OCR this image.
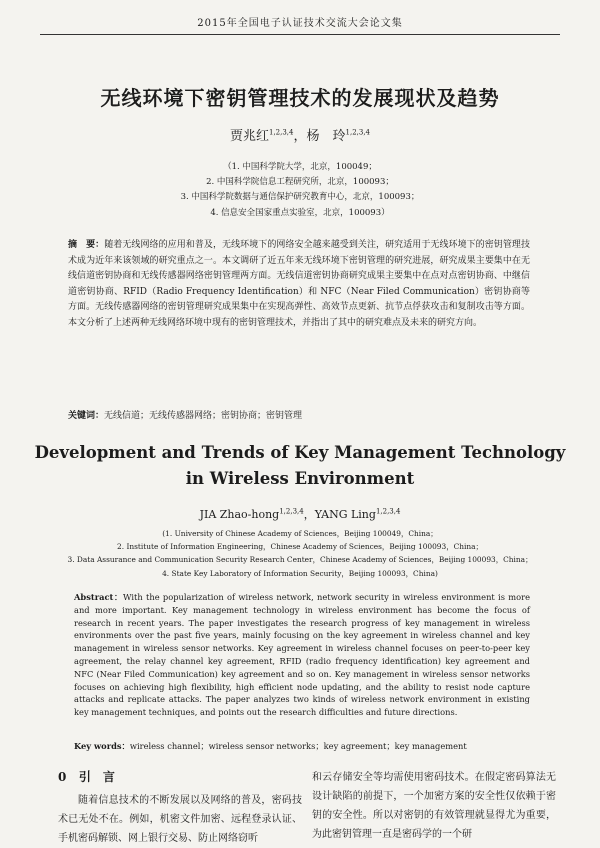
2015年全国电子认证技术交流大会论文集
无线环境下密钥管理技术的发展现状及趋势
贾兆红$^{1,2,3,4}$，杨　玲$^{1,2,3,4}$
（1. 中国科学院大学，北京，100049；
2. 中国科学院信息工程研究所，北京，100093；
3. 中国科学院数据与通信保护研究教育中心，北京，100093；
4. 信息安全国家重点实验室，北京，100093）
摘　要：随着无线网络的应用和普及，无线环境下的网络安全越来越受到关注，研究适用于无线环境下的密钥管理技术成为近年来该领域的研究重点之一。本文调研了近五年来无线环境下密钥管理的研究进展，研究成果主要集中在无线信道密钥协商和无线传感器网络密钥管理两方面。无线信道密钥协商研究成果主要集中在点对点密钥协商、中继信道密钥协商、RFID（Radio Frequency Identification）和 NFC（Near Filed Communication）密钥协商等方面。无线传感器网络的密钥管理研究成果集中在实现高弹性、高效节点更新、抗节点俘获攻击和复制攻击等方面。本文分析了上述两种无线网络环境中现有的密钥管理技术，并指出了其中的研究难点及未来的研究方向。
关键词：无线信道；无线传感器网络；密钥协商；密钥管理
Development and Trends of Key Management Technology
in Wireless Environment
JIA Zhao-hong$^{1,2,3,4}$，YANG Ling$^{1,2,3,4}$
(1. University of Chinese Academy of Sciences，Beijing 100049，China；
2. Institute of Information Engineering，Chinese Academy of Sciences，Beijing 100093，China；
3. Data Assurance and Communication Security Research Center，Chinese Academy of Sciences，Beijing 100093，China；
4. State Key Laboratory of Information Security，Beijing 100093，China)
Abstract：With the popularization of wireless network, network security in wireless environment is more and more important. Key management technology in wireless environment has become the focus of research in recent years. The paper investigates the research progress of key management in wireless environments over the past five years, mainly focusing on the key agreement in wireless channel and key management in wireless sensor networks. Key agreement in wireless channel focuses on peer-to-peer key agreement, the relay channel key agreement, RFID (radio frequency identification) key agreement and NFC (Near Filed Communication) key agreement and so on. Key management in wireless sensor networks focuses on achieving high flexibility, high efficient node updating, and the ability to resist node capture attacks and replicate attacks. The paper analyzes two kinds of wireless network environment in existing key management techniques, and points out the research difficulties and future directions.
Key words：wireless channel；wireless sensor networks；key agreement；key management
0 引　言
随着信息技术的不断发展以及网络的普及，密码技术已无处不在。例如，机密文件加密、远程登录认证、手机密码解锁、网上银行交易、防止网络窃听
和云存储安全等均需使用密码技术。在假定密码算法无设计缺陷的前提下，一个加密方案的安全性仅依赖于密钥的安全性。所以对密钥的有效管理就显得尤为重要，为此密钥管理一直是密码学的一个研
